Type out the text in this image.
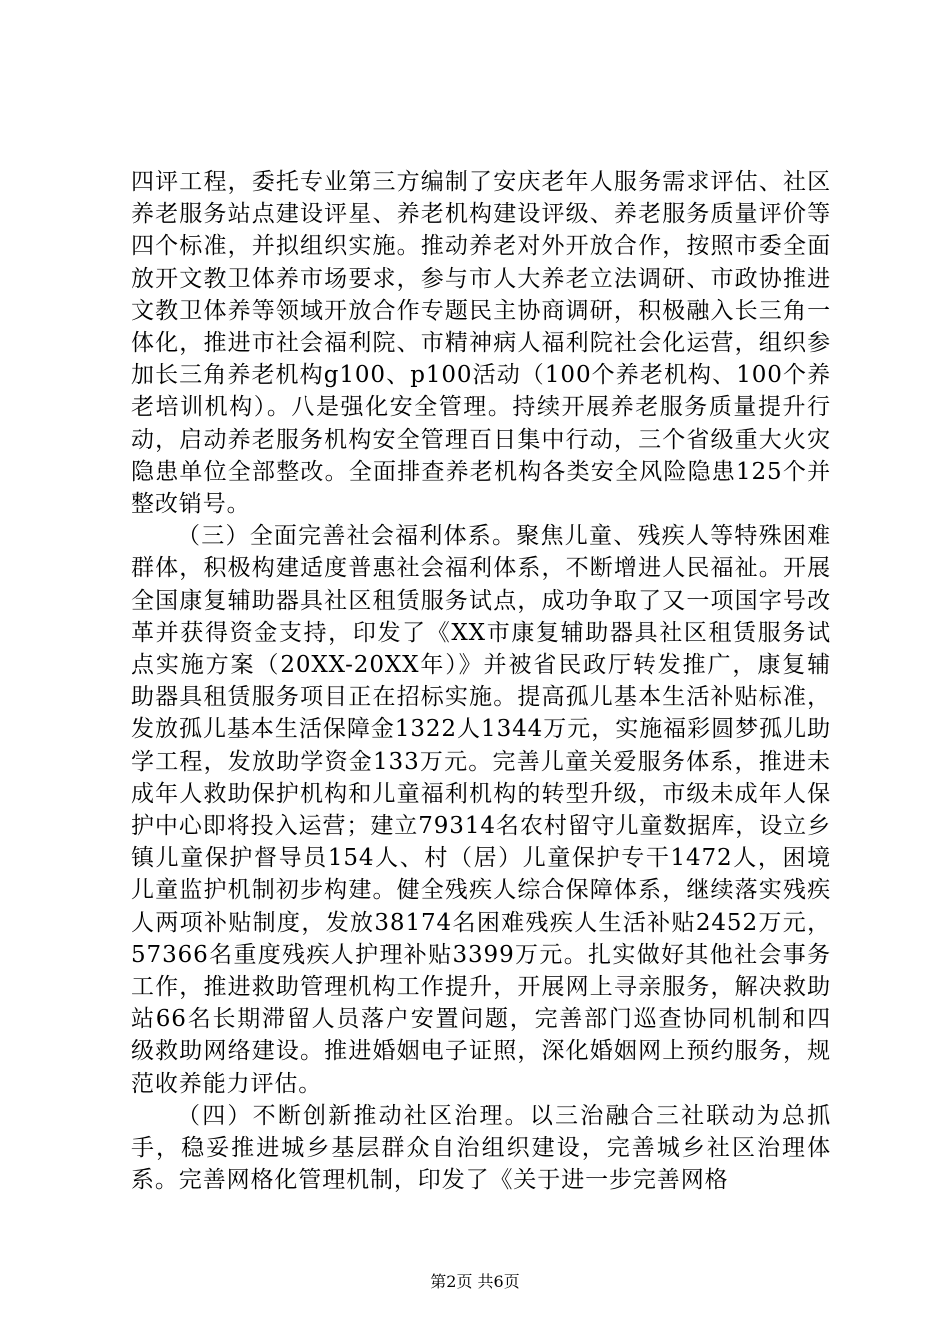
四评工程，委托专业第三方编制了安庆老年人服务需求评估、社区养老服务站点建设评星、养老机构建设评级、养老服务质量评价等四个标准，并拟组织实施。推动养老对外开放合作，按照市委全面放开文教卫体养市场要求，参与市人大养老立法调研、市政协推进文教卫体养等领域开放合作专题民主协商调研，积极融入长三角一体化，推进市社会福利院、市精神病人福利院社会化运营，组织参加长三角养老机构g100、p100活动（100个养老机构、100个养老培训机构）。八是强化安全管理。持续开展养老服务质量提升行动，启动养老服务机构安全管理百日集中行动，三个省级重大火灾隐患单位全部整改。全面排查养老机构各类安全风险隐患125个并整改销号。

（三）全面完善社会福利体系。聚焦儿童、残疾人等特殊困难群体，积极构建适度普惠社会福利体系，不断增进人民福祉。开展全国康复辅助器具社区租赁服务试点，成功争取了又一项国字号改革并获得资金支持，印发了《XX市康复辅助器具社区租赁服务试点实施方案（20XX-20XX年）》并被省民政厅转发推广，康复辅助器具租赁服务项目正在招标实施。提高孤儿基本生活补贴标准，发放孤儿基本生活保障金1322人1344万元，实施福彩圆梦孤儿助学工程，发放助学资金133万元。完善儿童关爱服务体系，推进未成年人救助保护机构和儿童福利机构的转型升级，市级未成年人保护中心即将投入运营；建立79314名农村留守儿童数据库，设立乡镇儿童保护督导员154人、村（居）儿童保护专干1472人，困境儿童监护机制初步构建。健全残疾人综合保障体系，继续落实残疾人两项补贴制度，发放38174名困难残疾人生活补贴2452万元，57366名重度残疾人护理补贴3399万元。扎实做好其他社会事务工作，推进救助管理机构工作提升，开展网上寻亲服务，解决救助站66名长期滞留人员落户安置问题，完善部门巡查协同机制和四级救助网络建设。推进婚姻电子证照，深化婚姻网上预约服务，规范收养能力评估。

（四）不断创新推动社区治理。以三治融合三社联动为总抓手，稳妥推进城乡基层群众自治组织建设，完善城乡社区治理体系。完善网格化管理机制，印发了《关于进一步完善网格

第2页 共6页
